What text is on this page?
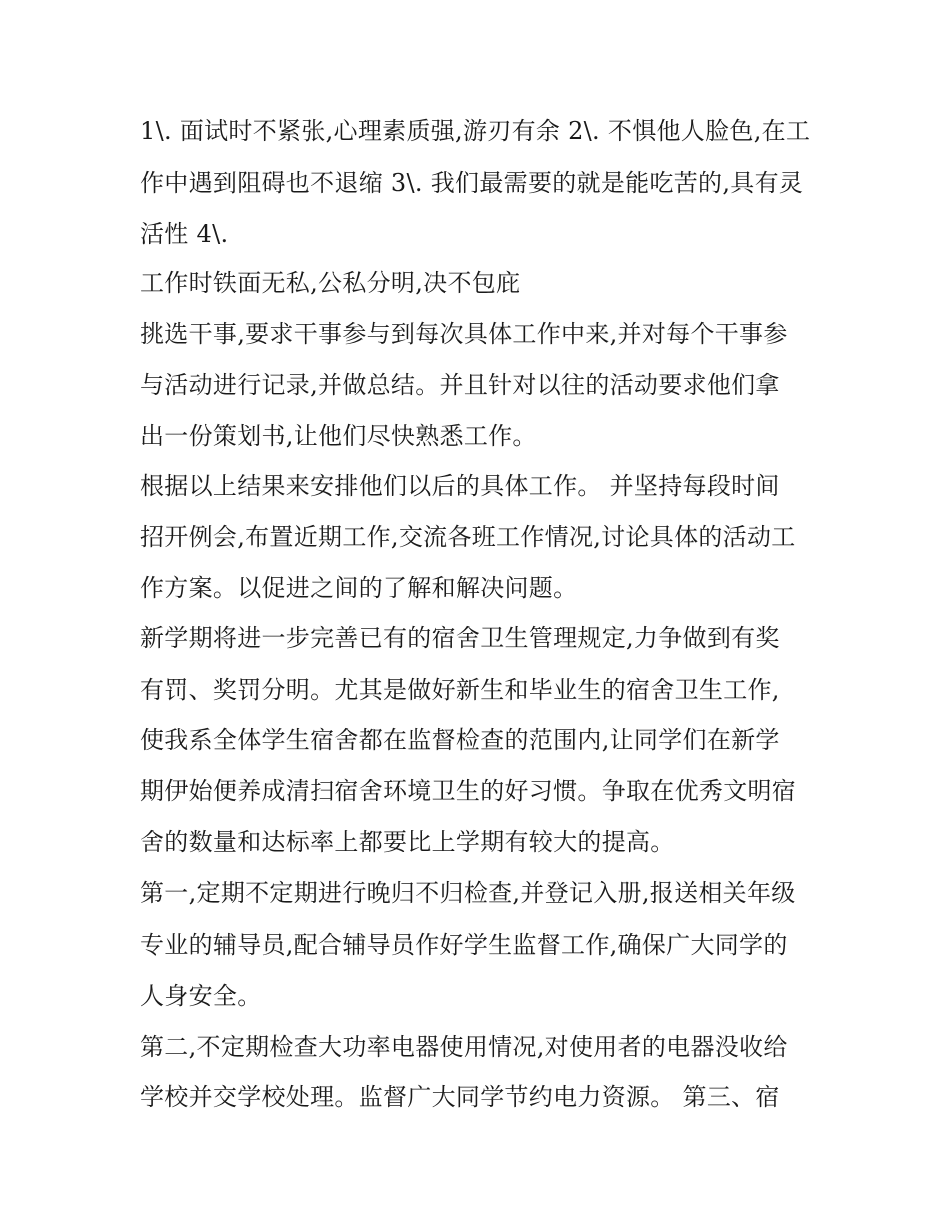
1\. 面试时不紧张,心理素质强,游刃有余 2\. 不惧他人脸色,在工
作中遇到阻碍也不退缩 3\. 我们最需要的就是能吃苦的,具有灵
活性 4\.
工作时铁面无私,公私分明,决不包庇
挑选干事,要求干事参与到每次具体工作中来,并对每个干事参
与活动进行记录,并做总结。并且针对以往的活动要求他们拿
出一份策划书,让他们尽快熟悉工作。
根据以上结果来安排他们以后的具体工作。 并坚持每段时间
招开例会,布置近期工作,交流各班工作情况,讨论具体的活动工
作方案。以促进之间的了解和解决问题。
新学期将进一步完善已有的宿舍卫生管理规定,力争做到有奖
有罚、奖罚分明。尤其是做好新生和毕业生的宿舍卫生工作,
使我系全体学生宿舍都在监督检查的范围内,让同学们在新学
期伊始便养成清扫宿舍环境卫生的好习惯。争取在优秀文明宿
舍的数量和达标率上都要比上学期有较大的提高。
第一,定期不定期进行晚归不归检查,并登记入册,报送相关年级
专业的辅导员,配合辅导员作好学生监督工作,确保广大同学的
人身安全。
第二,不定期检查大功率电器使用情况,对使用者的电器没收给
学校并交学校处理。监督广大同学节约电力资源。 第三、宿
